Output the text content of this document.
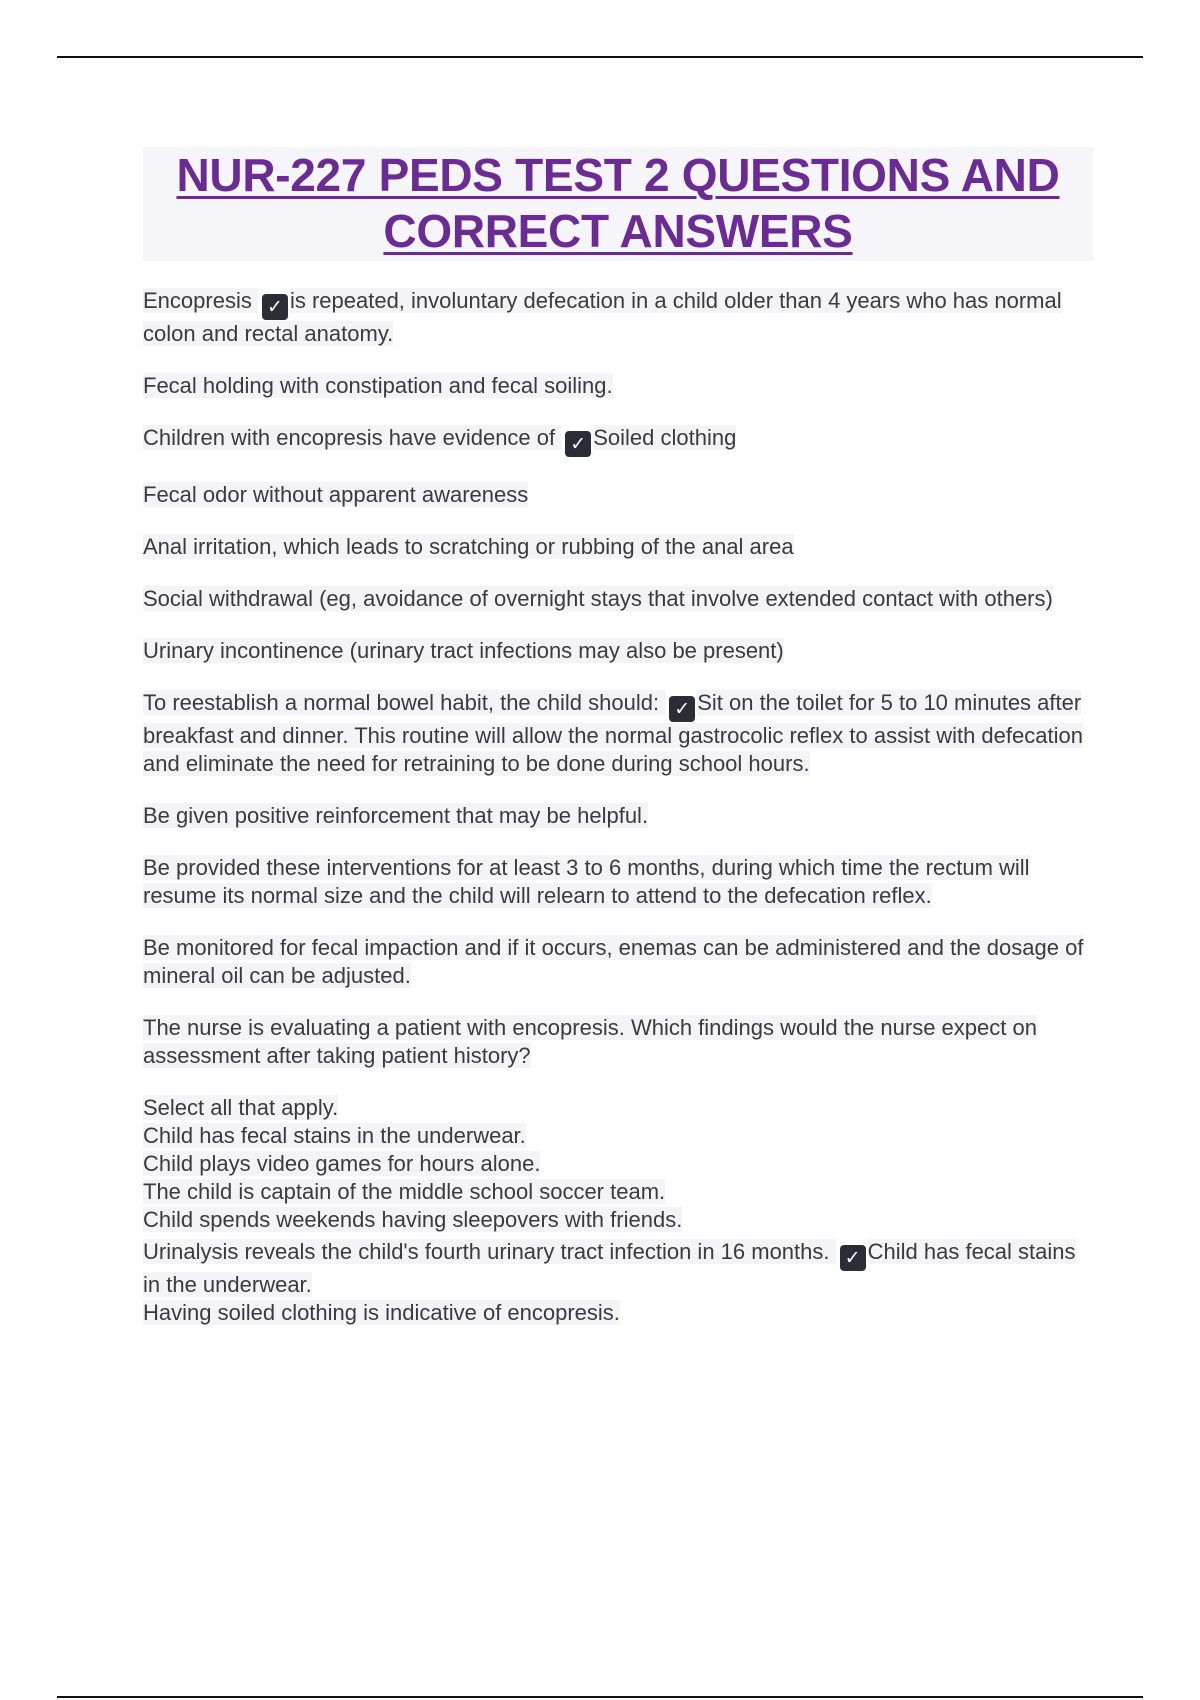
NUR-227 PEDS TEST 2 QUESTIONS AND CORRECT ANSWERS

Encopresis ✓ is repeated, involuntary defecation in a child older than 4 years who has normal colon and rectal anatomy.

Fecal holding with constipation and fecal soiling.

Children with encopresis have evidence of ✓ Soiled clothing

Fecal odor without apparent awareness

Anal irritation, which leads to scratching or rubbing of the anal area

Social withdrawal (eg, avoidance of overnight stays that involve extended contact with others)

Urinary incontinence (urinary tract infections may also be present)

To reestablish a normal bowel habit, the child should: ✓ Sit on the toilet for 5 to 10 minutes after breakfast and dinner. This routine will allow the normal gastrocolic reflex to assist with defecation and eliminate the need for retraining to be done during school hours.

Be given positive reinforcement that may be helpful.

Be provided these interventions for at least 3 to 6 months, during which time the rectum will resume its normal size and the child will relearn to attend to the defecation reflex.

Be monitored for fecal impaction and if it occurs, enemas can be administered and the dosage of mineral oil can be adjusted.

The nurse is evaluating a patient with encopresis. Which findings would the nurse expect on assessment after taking patient history?

Select all that apply.
Child has fecal stains in the underwear.
Child plays video games for hours alone.
The child is captain of the middle school soccer team.
Child spends weekends having sleepovers with friends.

Urinalysis reveals the child's fourth urinary tract infection in 16 months. ✓ Child has fecal stains in the underwear.
Having soiled clothing is indicative of encopresis.
